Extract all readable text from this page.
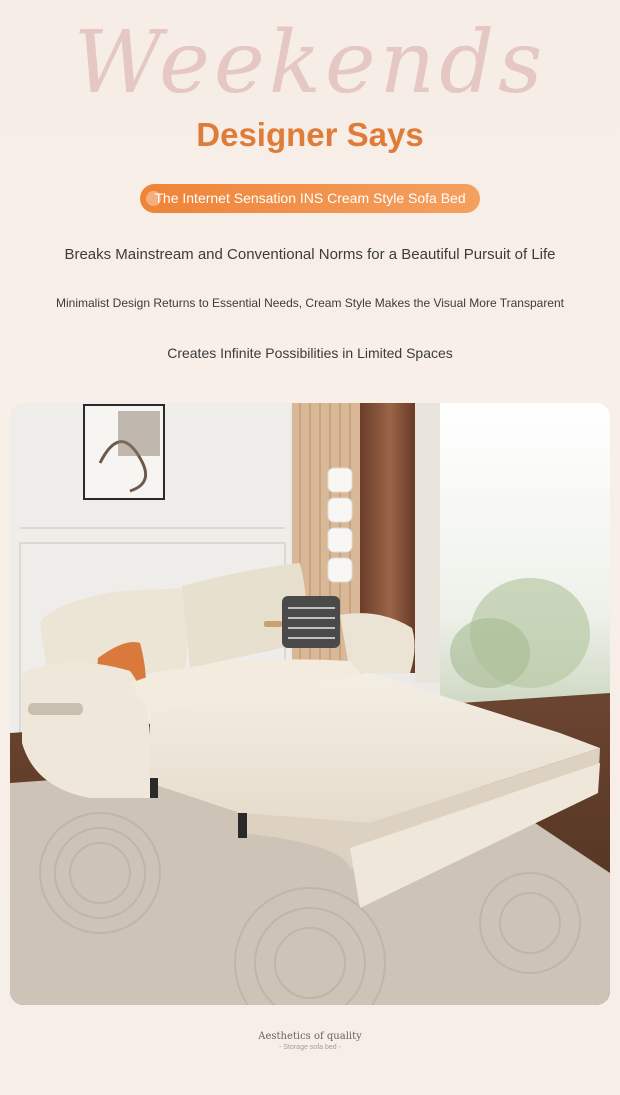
Weekends
Designer Says
The Internet Sensation INS Cream Style Sofa Bed
Breaks Mainstream and Conventional Norms for a Beautiful Pursuit of Life
Minimalist Design Returns to Essential Needs, Cream Style Makes the Visual More Transparent
Creates Infinite Possibilities in Limited Spaces
Aesthetics of quality
- Storage sofa bed -
